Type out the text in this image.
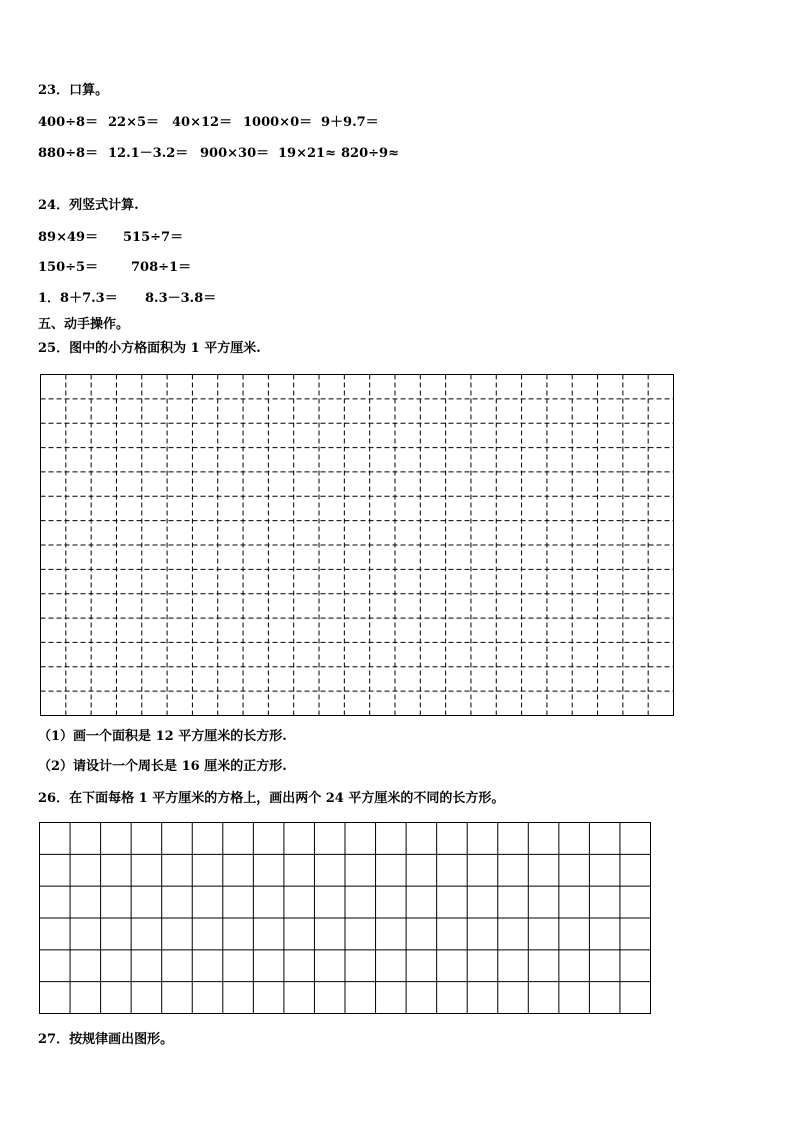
23．口算。
400÷8＝ 22×5＝ 40×12＝ 1000×0＝ 9＋9.7＝
880÷8＝ 12.1－3.2＝ 900×30＝ 19×21≈ 820÷9≈
24．列竖式计算.
89×49＝ 515÷7＝
150÷5＝	708÷1＝
1．8＋7.3＝ 8.3－3.8＝
五、动手操作。
25．图中的小方格面积为 1 平方厘米.
（1）画一个面积是 12 平方厘米的长方形.
（2）请设计一个周长是 16 厘米的正方形.
26．在下面每格 1 平方厘米的方格上，画出两个 24 平方厘米的不同的长方形。
27．按规律画出图形。
